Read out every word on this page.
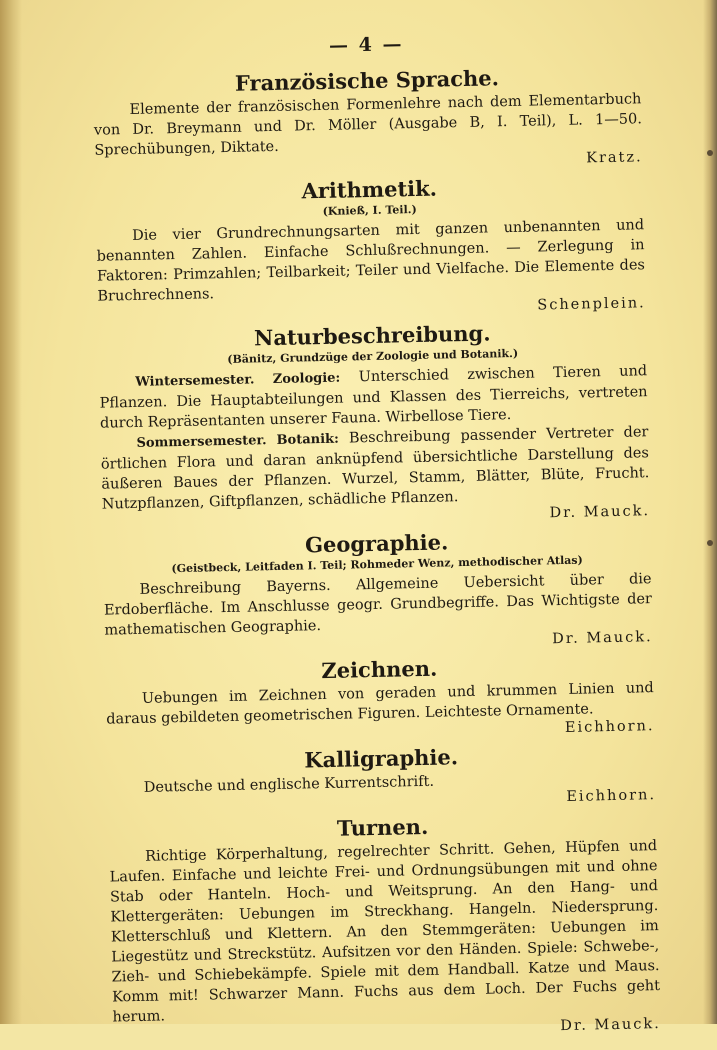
— 4 —
Französische Sprache.

Elemente der französischen Formenlehre nach dem Elementarbuch von Dr. Breymann und Dr. Möller (Ausgabe B, I. Teil), L. 1—50. Sprechübungen, Diktate.	Kratz.
Arithmetik.
(Knieß, I. Teil.)

Die vier Grundrechnungsarten mit ganzen unbenannten und benannten Zahlen. Einfache Schlußrechnungen. — Zerlegung in Faktoren: Primzahlen; Teilbarkeit; Teiler und Vielfache. Die Elemente des Bruchrechnens.	Schenplein.
Naturbeschreibung.
(Bänitz, Grundzüge der Zoologie und Botanik.)

Wintersemester. Zoologie: Unterschied zwischen Tieren und Pflanzen. Die Hauptabteilungen und Klassen des Tierreichs, vertreten durch Repräsentanten unserer Fauna. Wirbellose Tiere.

Sommersemester. Botanik: Beschreibung passender Vertreter der örtlichen Flora und daran anknüpfend übersichtliche Darstellung des äußeren Baues der Pflanzen. Wurzel, Stamm, Blätter, Blüte, Frucht. Nutzpflanzen, Giftpflanzen, schädliche Pflanzen.	Dr. Mauck.
Geographie.
(Geistbeck, Leitfaden I. Teil; Rohmeder Wenz, methodischer Atlas)

Beschreibung Bayerns. Allgemeine Uebersicht über die Erdoberfläche. Im Anschlusse geogr. Grundbegriffe. Das Wichtigste der mathematischen Geographie.	Dr. Mauck.
Zeichnen.

Uebungen im Zeichnen von geraden und krummen Linien und daraus gebildeten geometrischen Figuren. Leichteste Ornamente.

Eichhorn.
Kalligraphie.

Deutsche und englische Kurrentschrift.

Eichhorn.
Turnen.

Richtige Körperhaltung, regelrechter Schritt. Gehen, Hüpfen und Laufen. Einfache und leichte Frei- und Ordnungsübungen mit und ohne Stab oder Hanteln. Hoch- und Weitsprung. An den Hang- und Klettergeräten: Uebungen im Streckhang. Hangeln. Niedersprung. Kletterschluß und Klettern. An den Stemmgeräten: Uebungen im Liegestütz und Streckstütz. Aufsitzen vor den Händen. Spiele: Schwebe-, Zieh- und Schiebekämpfe. Spiele mit dem Handball. Katze und Maus. Komm mit! Schwarzer Mann. Fuchs aus dem Loch. Der Fuchs geht herum.	Dr. Mauck.
